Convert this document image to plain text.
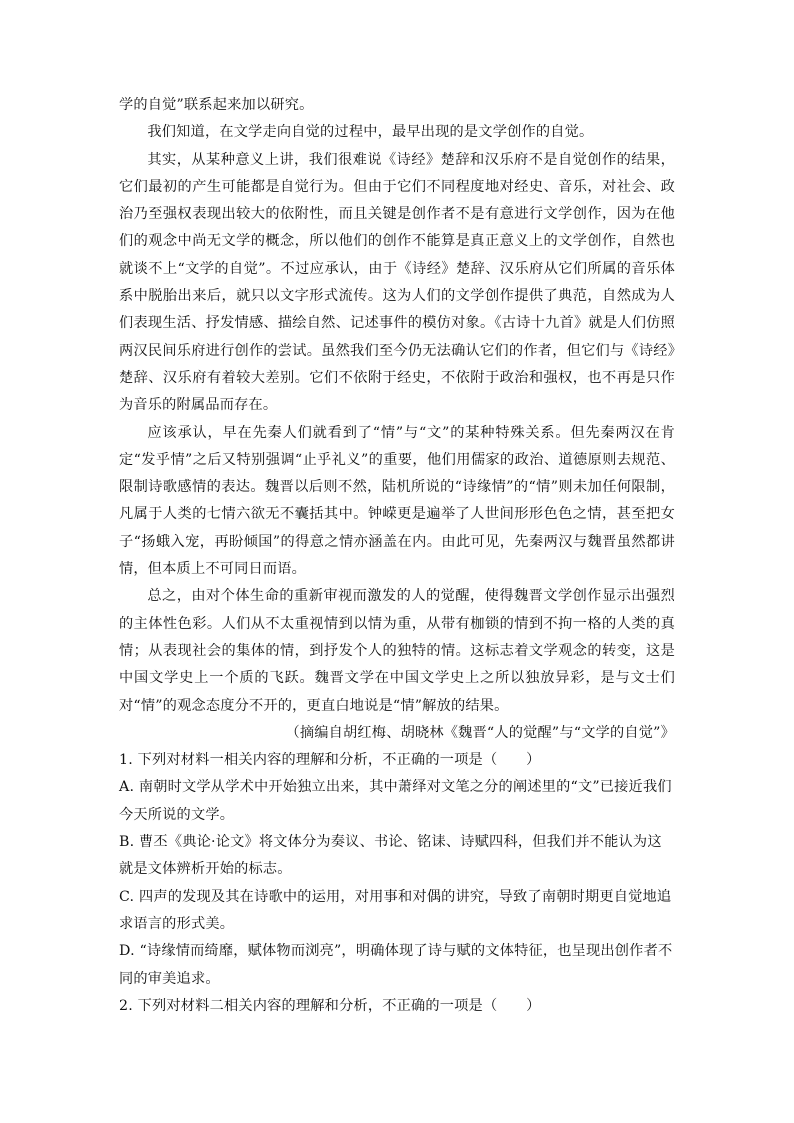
学的自觉”联系起来加以研究。

我们知道，在文学走向自觉的过程中，最早出现的是文学创作的自觉。

其实，从某种意义上讲，我们很难说《诗经》楚辞和汉乐府不是自觉创作的结果，它们最初的产生可能都是自觉行为。但由于它们不同程度地对经史、音乐，对社会、政治乃至强权表现出较大的依附性，而且关键是创作者不是有意进行文学创作，因为在他们的观念中尚无文学的概念，所以他们的创作不能算是真正意义上的文学创作，自然也就谈不上“文学的自觉”。不过应承认，由于《诗经》楚辞、汉乐府从它们所属的音乐体系中脱胎出来后，就只以文字形式流传。这为人们的文学创作提供了典范，自然成为人们表现生活、抒发情感、描绘自然、记述事件的模仿对象。《古诗十九首》就是人们仿照两汉民间乐府进行创作的尝试。虽然我们至今仍无法确认它们的作者，但它们与《诗经》楚辞、汉乐府有着较大差别。它们不依附于经史，不依附于政治和强权，也不再是只作为音乐的附属品而存在。

应该承认，早在先秦人们就看到了“情”与“文”的某种特殊关系。但先秦两汉在肯定“发乎情”之后又特别强调“止乎礼义”的重要，他们用儒家的政治、道德原则去规范、限制诗歌感情的表达。魏晋以后则不然，陆机所说的“诗缘情”的“情”则未加任何限制，凡属于人类的七情六欲无不囊括其中。钟嵘更是遍举了人世间形形色色之情，甚至把女子“扬蛾入宠，再盼倾国”的得意之情亦涵盖在内。由此可见，先秦两汉与魏晋虽然都讲情，但本质上不可同日而语。

总之，由对个体生命的重新审视而激发的人的觉醒，使得魏晋文学创作显示出强烈的主体性色彩。人们从不太重视情到以情为重，从带有枷锁的情到不拘一格的人类的真情；从表现社会的集体的情，到抒发个人的独特的情。这标志着文学观念的转变，这是中国文学史上一个质的飞跃。魏晋文学在中国文学史上之所以独放异彩，是与文士们对“情”的观念态度分不开的，更直白地说是“情”解放的结果。

（摘编自胡红梅、胡晓林《魏晋“人的觉醒”与“文学的自觉”》

1. 下列对材料一相关内容的理解和分析，不正确的一项是（　　）

A. 南朝时文学从学术中开始独立出来，其中萧绎对文笔之分的阐述里的“文”已接近我们今天所说的文学。

B. 曹丕《典论·论文》将文体分为奏议、书论、铭诔、诗赋四科，但我们并不能认为这就是文体辨析开始的标志。

C. 四声的发现及其在诗歌中的运用，对用事和对偶的讲究，导致了南朝时期更自觉地追求语言的形式美。

D. “诗缘情而绮靡，赋体物而浏亮”，明确体现了诗与赋的文体特征，也呈现出创作者不同的审美追求。

2. 下列对材料二相关内容的理解和分析，不正确的一项是（　　）
